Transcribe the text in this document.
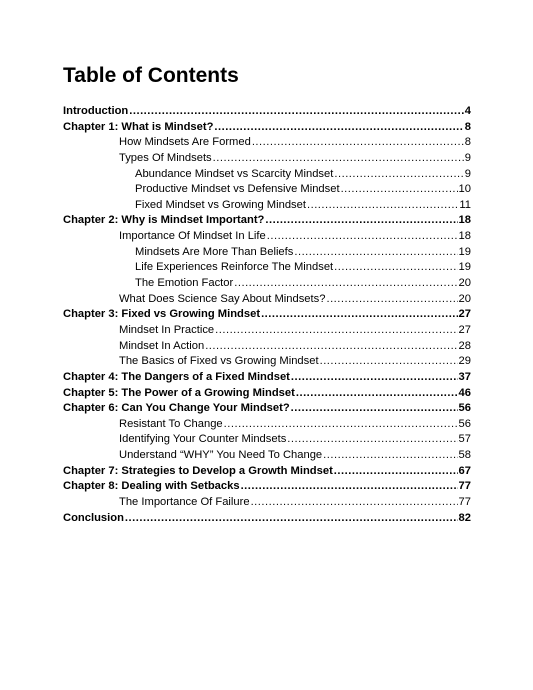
Table of Contents
Introduction .....	4
Chapter 1: What is Mindset? .....	8
How Mindsets Are Formed .....	8
Types Of Mindsets .....	9
Abundance Mindset vs Scarcity Mindset .....	9
Productive Mindset vs Defensive Mindset .....	10
Fixed Mindset vs Growing Mindset .....	11
Chapter 2: Why is Mindset Important? .....	18
Importance Of Mindset In Life .....	18
Mindsets Are More Than Beliefs .....	19
Life Experiences Reinforce The Mindset .....	19
The Emotion Factor .....	20
What Does Science Say About Mindsets? .....	20
Chapter 3: Fixed vs Growing Mindset .....	27
Mindset In Practice .....	27
Mindset In Action .....	28
The Basics of Fixed vs Growing Mindset .....	29
Chapter 4: The Dangers of a Fixed Mindset .....	37
Chapter 5: The Power of a Growing Mindset .....	46
Chapter 6: Can You Change Your Mindset? .....	56
Resistant To Change .....	56
Identifying Your Counter Mindsets .....	57
Understand “WHY” You Need To Change .....	58
Chapter 7: Strategies to Develop a Growth Mindset .....	67
Chapter 8: Dealing with Setbacks .....	77
The Importance Of Failure .....	77
Conclusion .....	82
